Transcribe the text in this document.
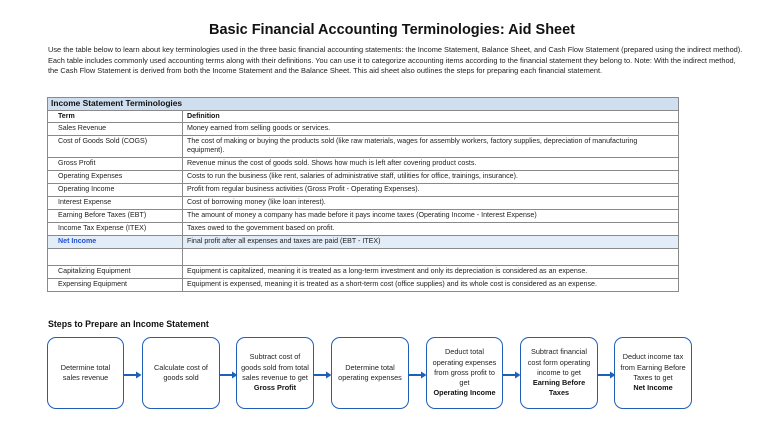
Basic Financial Accounting Terminologies: Aid Sheet
Use the table below to learn about key terminologies used in the three basic financial accounting statements: the Income Statement, Balance Sheet, and Cash Flow Statement (prepared using the indirect method). Each table includes commonly used accounting terms along with their definitions. You can use it to categorize accounting items according to the financial statement they belong to. Note: With the indirect method, the Cash Flow Statement is derived from both the Income Statement and the Balance Sheet. This aid sheet also outlines the steps for preparing each financial statement.
Income Statement Terminologies	
Term	Definition
Sales Revenue	Money earned from selling goods or services.
Cost of Goods Sold (COGS)	The cost of making or buying the products sold (like raw materials, wages for assembly workers, factory supplies, depreciation of manufacturing equipment).
Gross Profit	Revenue minus the cost of goods sold. Shows how much is left after covering product costs.
Operating Expenses	Costs to run the business (like rent, salaries of administrative staff, utilities for office, trainings, insurance).
Operating Income	Profit from regular business activities (Gross Profit - Operating Expenses).
Interest Expense	Cost of borrowing money (like loan interest).
Earning Before Taxes (EBT)	The amount of money a company has made before it pays income taxes (Operating Income - Interest Expense)
Income Tax Expense (ITEX)	Taxes owed to the government based on profit.
Net Income	Final profit after all expenses and taxes are paid (EBT - ITEX)

Capitalizing Equipment	Equipment is capitalized, meaning it is treated as a long-term investment and only its depreciation is considered as an expense.
Expensing Equipment	Equipment is expensed, meaning it is treated as a short-term cost (office supplies) and its whole cost is considered as an expense.
Steps to Prepare an Income Statement
Determine total sales revenue
Calculate cost of goods sold
Subtract cost of goods sold from total sales revenue to get
Gross Profit
Determine total operating expenses
Deduct total operating expenses from gross profit to get
Operating Income
Subtract financial cost form operating income to get
Earning Before Taxes
Deduct income tax from Earning Before Taxes to get
Net Income
